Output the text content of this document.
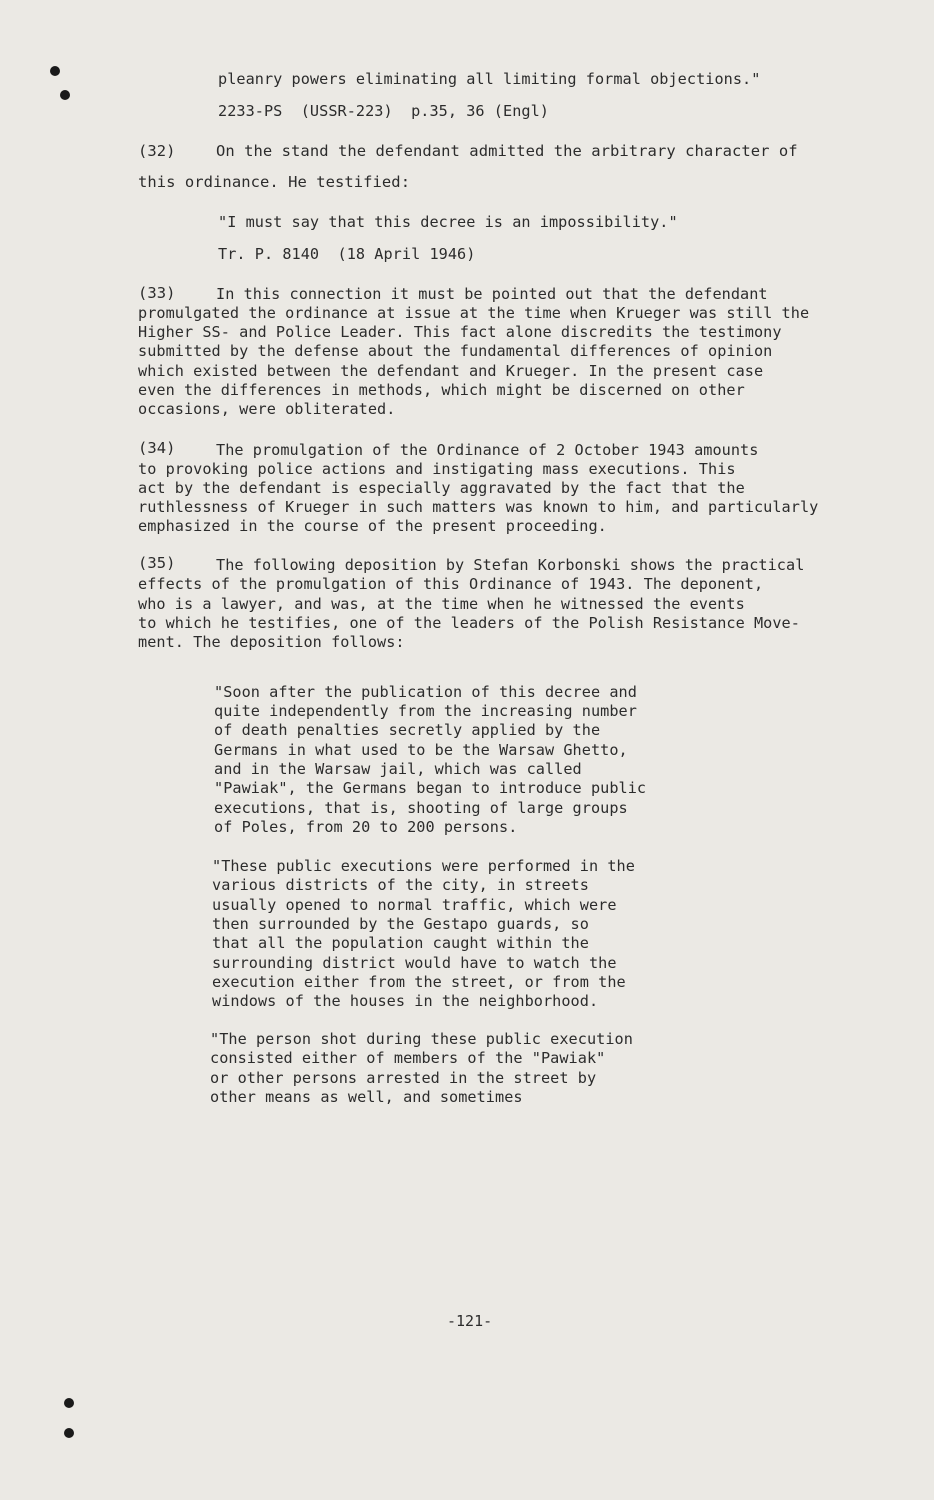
pleanry powers eliminating all limiting formal objections."
2233-PS  (USSR-223)  p.35, 36 (Engl)
(32)	On the stand the defendant admitted the arbitrary character of
this ordinance. He testified:
"I must say that this decree is an impossibility."
Tr. P. 8140  (18 April 1946)
(33)	In this connection it must be pointed out that the defendant
promulgated the ordinance at issue at the time when Krueger was still the
Higher SS- and Police Leader. This fact alone discredits the testimony
submitted by the defense about the fundamental differences of opinion
which existed between the defendant and Krueger. In the present case
even the differences in methods, which might be discerned on other
occasions, were obliterated.
(34)	The promulgation of the Ordinance of 2 October 1943 amounts
to provoking police actions and instigating mass executions. This
act by the defendant is especially aggravated by the fact that the
ruthlessness of Krueger in such matters was known to him, and particularly
emphasized in the course of the present proceeding.
(35)	The following deposition by Stefan Korbonski shows the practical
effects of the promulgation of this Ordinance of 1943. The deponent,
who is a lawyer, and was, at the time when he witnessed the events
to which he testifies, one of the leaders of the Polish Resistance Move-
ment. The deposition follows:
"Soon after the publication of this decree and
quite independently from the increasing number
of death penalties secretly applied by the
Germans in what used to be the Warsaw Ghetto,
and in the Warsaw jail, which was called
"Pawiak", the Germans began to introduce public
executions, that is, shooting of large groups
of Poles, from 20 to 200 persons.
"These public executions were performed in the
various districts of the city, in streets
usually opened to normal traffic, which were
then surrounded by the Gestapo guards, so
that all the population caught within the
surrounding district would have to watch the
execution either from the street, or from the
windows of the houses in the neighborhood.
"The person shot during these public execution
consisted either of members of the "Pawiak"
or other persons arrested in the street by
other means as well, and sometimes
-121-
